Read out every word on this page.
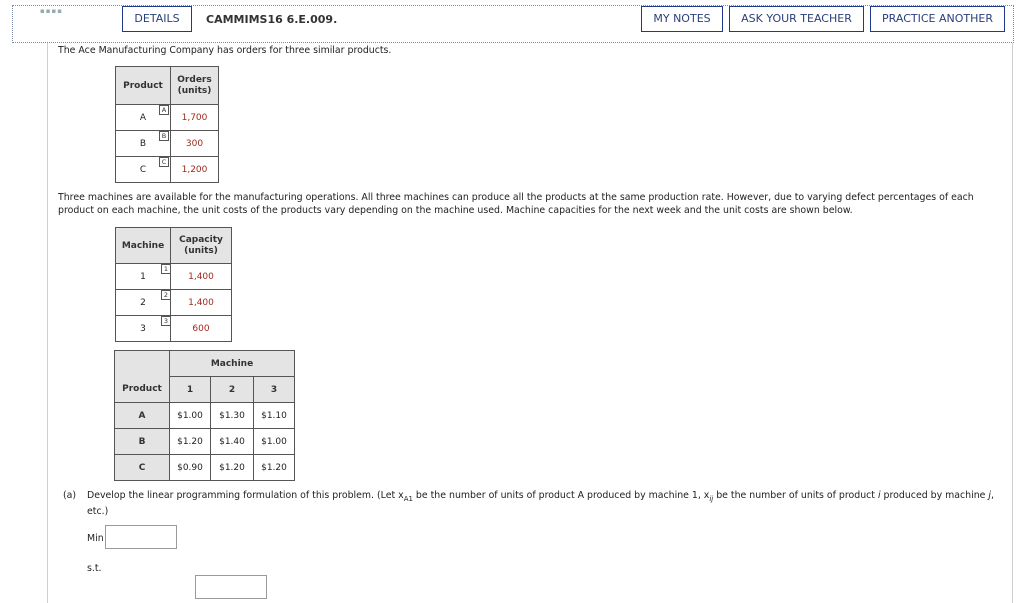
▪▪▪▪
DETAILS	CAMMIMS16 6.E.009.	MY NOTES	ASK YOUR TEACHER	PRACTICE ANOTHER
The Ace Manufacturing Company has orders for three similar products.
Product	Orders
(units)
A	1,700
B	300
C	1,200
A
B
C
Three machines are available for the manufacturing operations. All three machines can produce all the products at the same production rate. However, due to varying defect percentages of each
product on each machine, the unit costs of the products vary depending on the machine used. Machine capacities for the next week and the unit costs are shown below.
Machine	Capacity
(units)
1	1,400
2	1,400
3	600
1
2
3
Product	Machine		
	1	2	3
A	$1.00	$1.30	$1.10
B	$1.20	$1.40	$1.00
C	$0.90	$1.20	$1.20
(a) Develop the linear programming formulation of this problem. (Let $x_{A1}$ be the number of units of product A produced by machine 1, $x_{ij}$ be the number of units of product i produced by machine j,
etc.)
Min
s.t.
